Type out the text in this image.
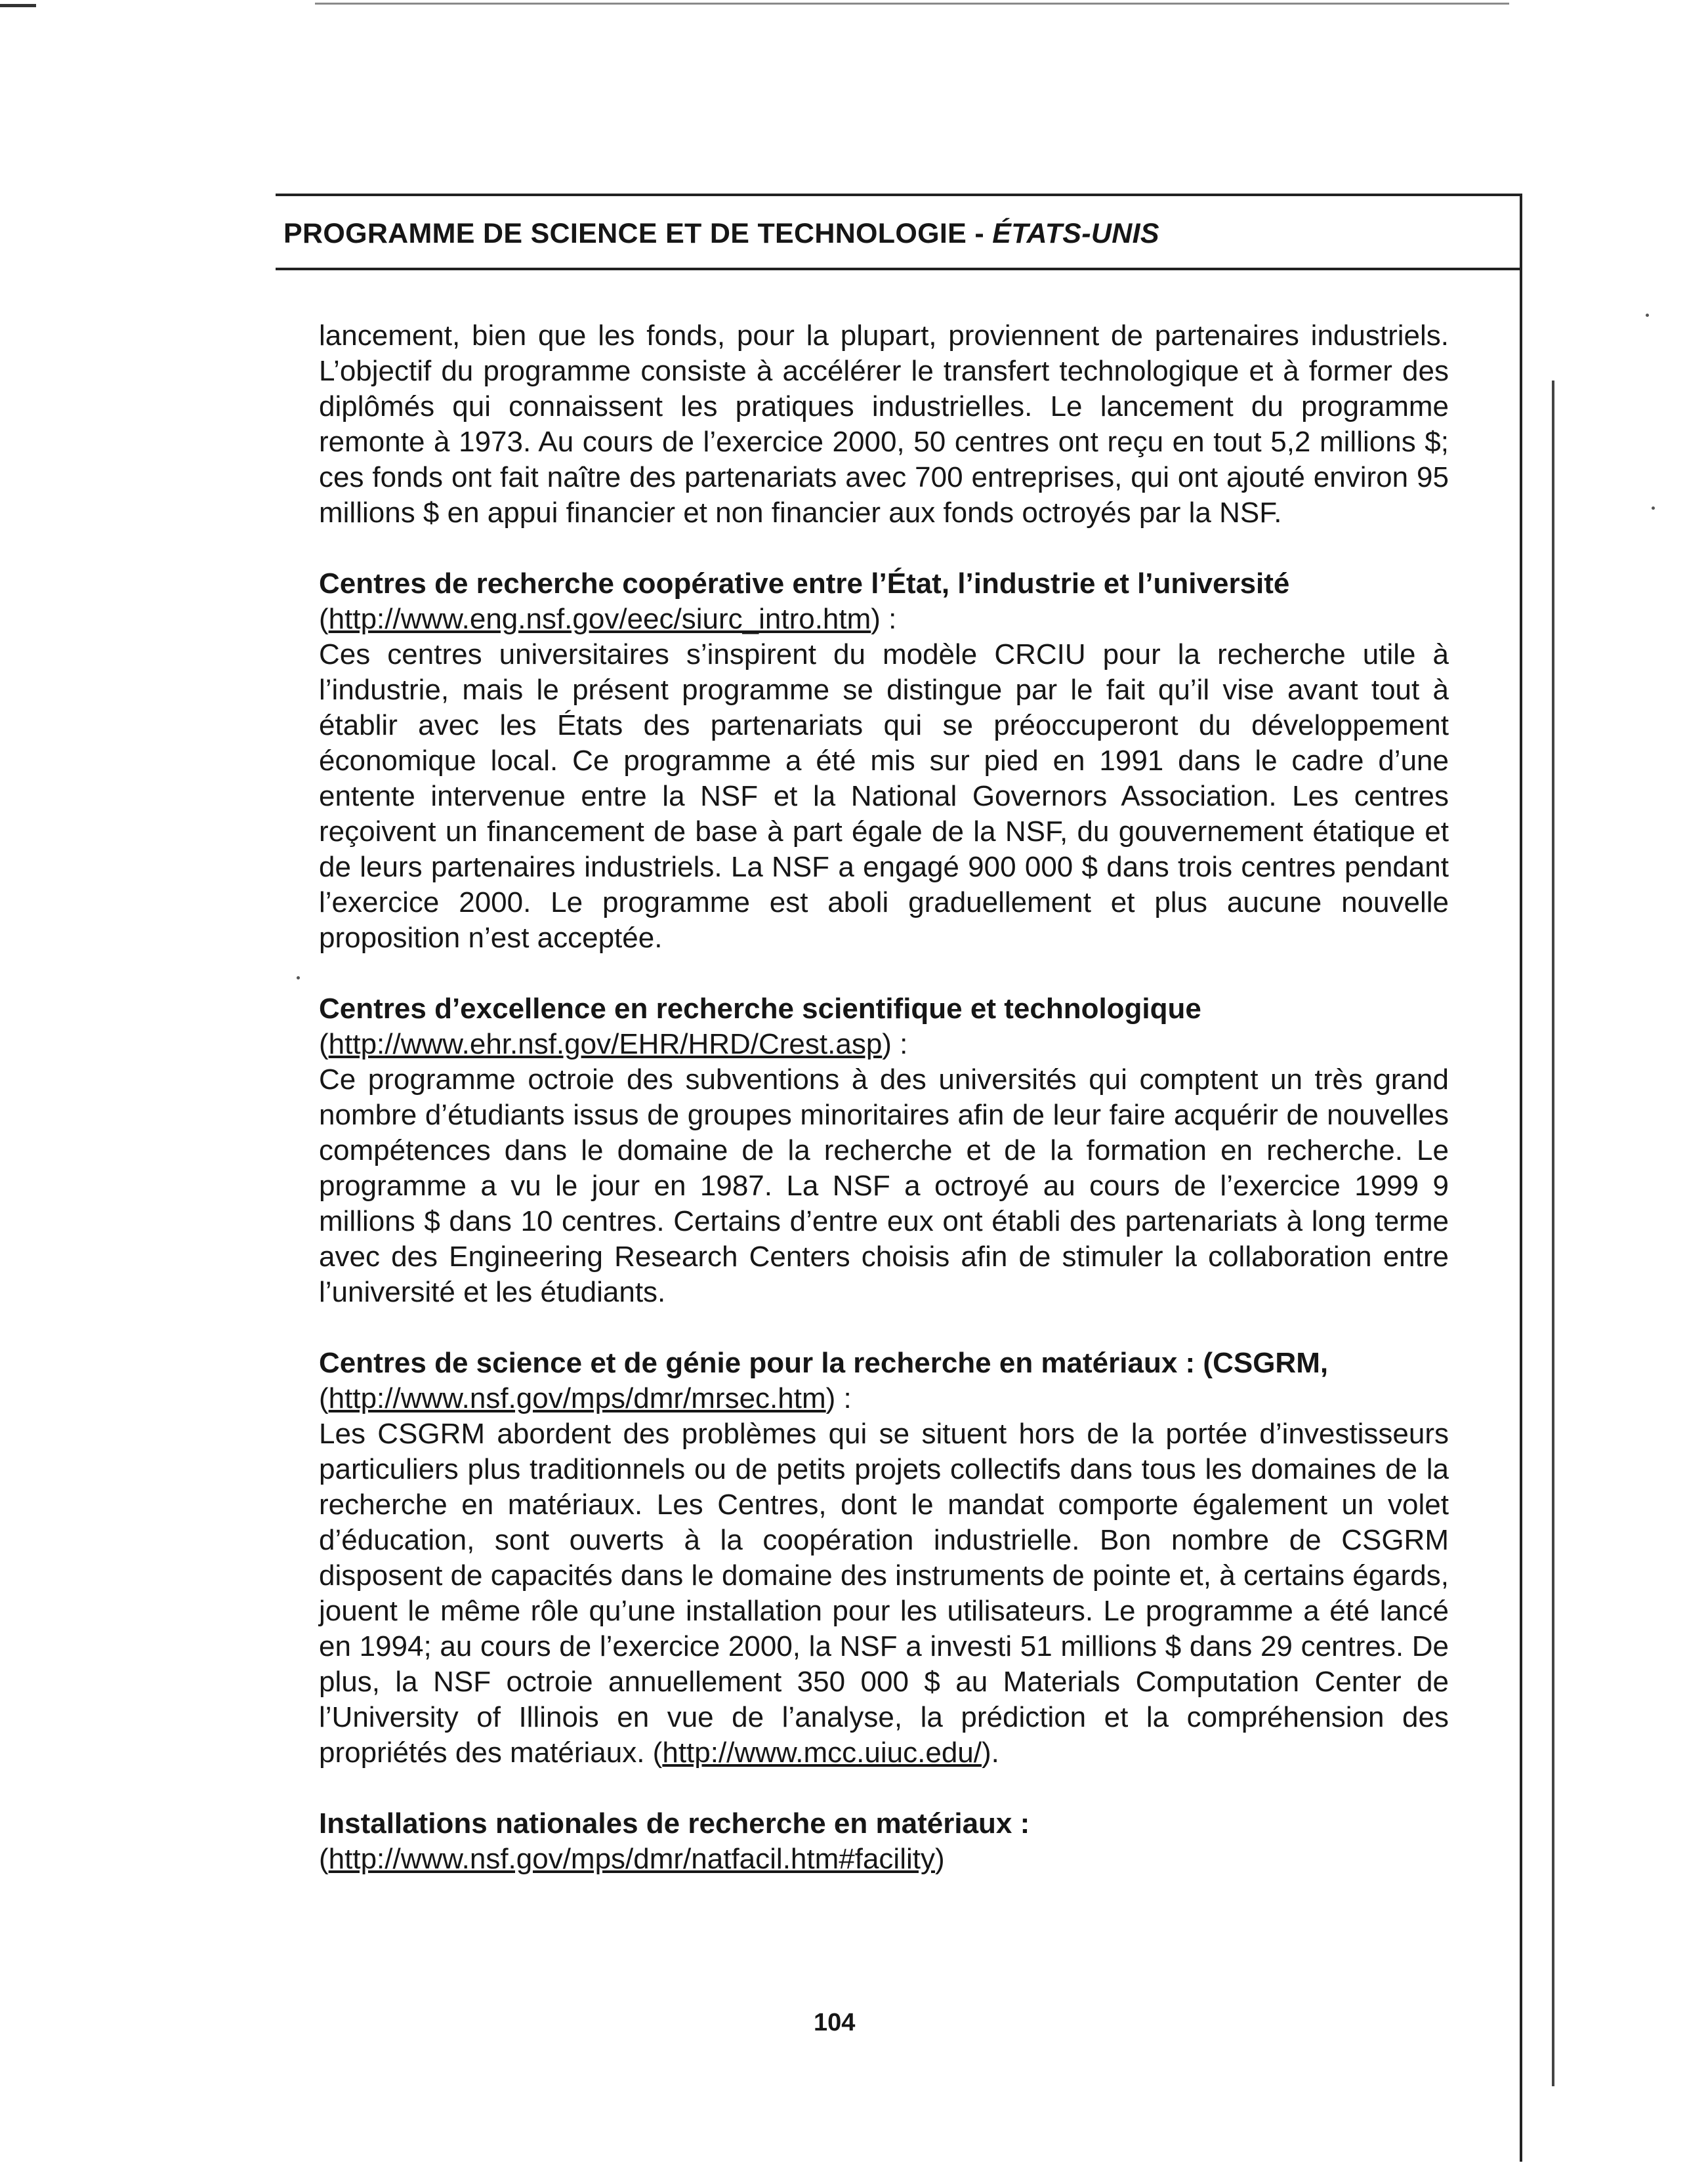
PROGRAMME DE SCIENCE ET DE TECHNOLOGIE - ÉTATS-UNIS

lancement, bien que les fonds, pour la plupart, proviennent de partenaires industriels. L’objectif du programme consiste à accélérer le transfert technologique et à former des diplômés qui connaissent les pratiques industrielles. Le lancement du programme remonte à 1973. Au cours de l’exercice 2000, 50 centres ont reçu en tout 5,2 millions $; ces fonds ont fait naître des partenariats avec 700 entreprises, qui ont ajouté environ 95 millions $ en appui financier et non financier aux fonds octroyés par la NSF.

Centres de recherche coopérative entre l’État, l’industrie et l’université
(http://www.eng.nsf.gov/eec/siurc_intro.htm) :

Ces centres universitaires s’inspirent du modèle CRCIU pour la recherche utile à l’industrie, mais le présent programme se distingue par le fait qu’il vise avant tout à établir avec les États des partenariats qui se préoccuperont du développement économique local. Ce programme a été mis sur pied en 1991 dans le cadre d’une entente intervenue entre la NSF et la National Governors Association. Les centres reçoivent un financement de base à part égale de la NSF, du gouvernement étatique et de leurs partenaires industriels. La NSF a engagé 900 000 $ dans trois centres pendant l’exercice 2000. Le programme est aboli graduellement et plus aucune nouvelle proposition n’est acceptée.

Centres d’excellence en recherche scientifique et technologique
(http://www.ehr.nsf.gov/EHR/HRD/Crest.asp) :

Ce programme octroie des subventions à des universités qui comptent un très grand nombre d’étudiants issus de groupes minoritaires afin de leur faire acquérir de nouvelles compétences dans le domaine de la recherche et de la formation en recherche. Le programme a vu le jour en 1987. La NSF a octroyé au cours de l’exercice 1999 9 millions $ dans 10 centres. Certains d’entre eux ont établi des partenariats à long terme avec des Engineering Research Centers choisis afin de stimuler la collaboration entre l’université et les étudiants.

Centres de science et de génie pour la recherche en matériaux : (CSGRM,
(http://www.nsf.gov/mps/dmr/mrsec.htm) :

Les CSGRM abordent des problèmes qui se situent hors de la portée d’investisseurs particuliers plus traditionnels ou de petits projets collectifs dans tous les domaines de la recherche en matériaux. Les Centres, dont le mandat comporte également un volet d’éducation, sont ouverts à la coopération industrielle. Bon nombre de CSGRM disposent de capacités dans le domaine des instruments de pointe et, à certains égards, jouent le même rôle qu’une installation pour les utilisateurs. Le programme a été lancé en 1994; au cours de l’exercice 2000, la NSF a investi 51 millions $ dans 29 centres. De plus, la NSF octroie annuellement 350 000 $ au Materials Computation Center de l’University of Illinois en vue de l’analyse, la prédiction et la compréhension des propriétés des matériaux. (http://www.mcc.uiuc.edu/).

Installations nationales de recherche en matériaux :
(http://www.nsf.gov/mps/dmr/natfacil.htm#facility)

104
